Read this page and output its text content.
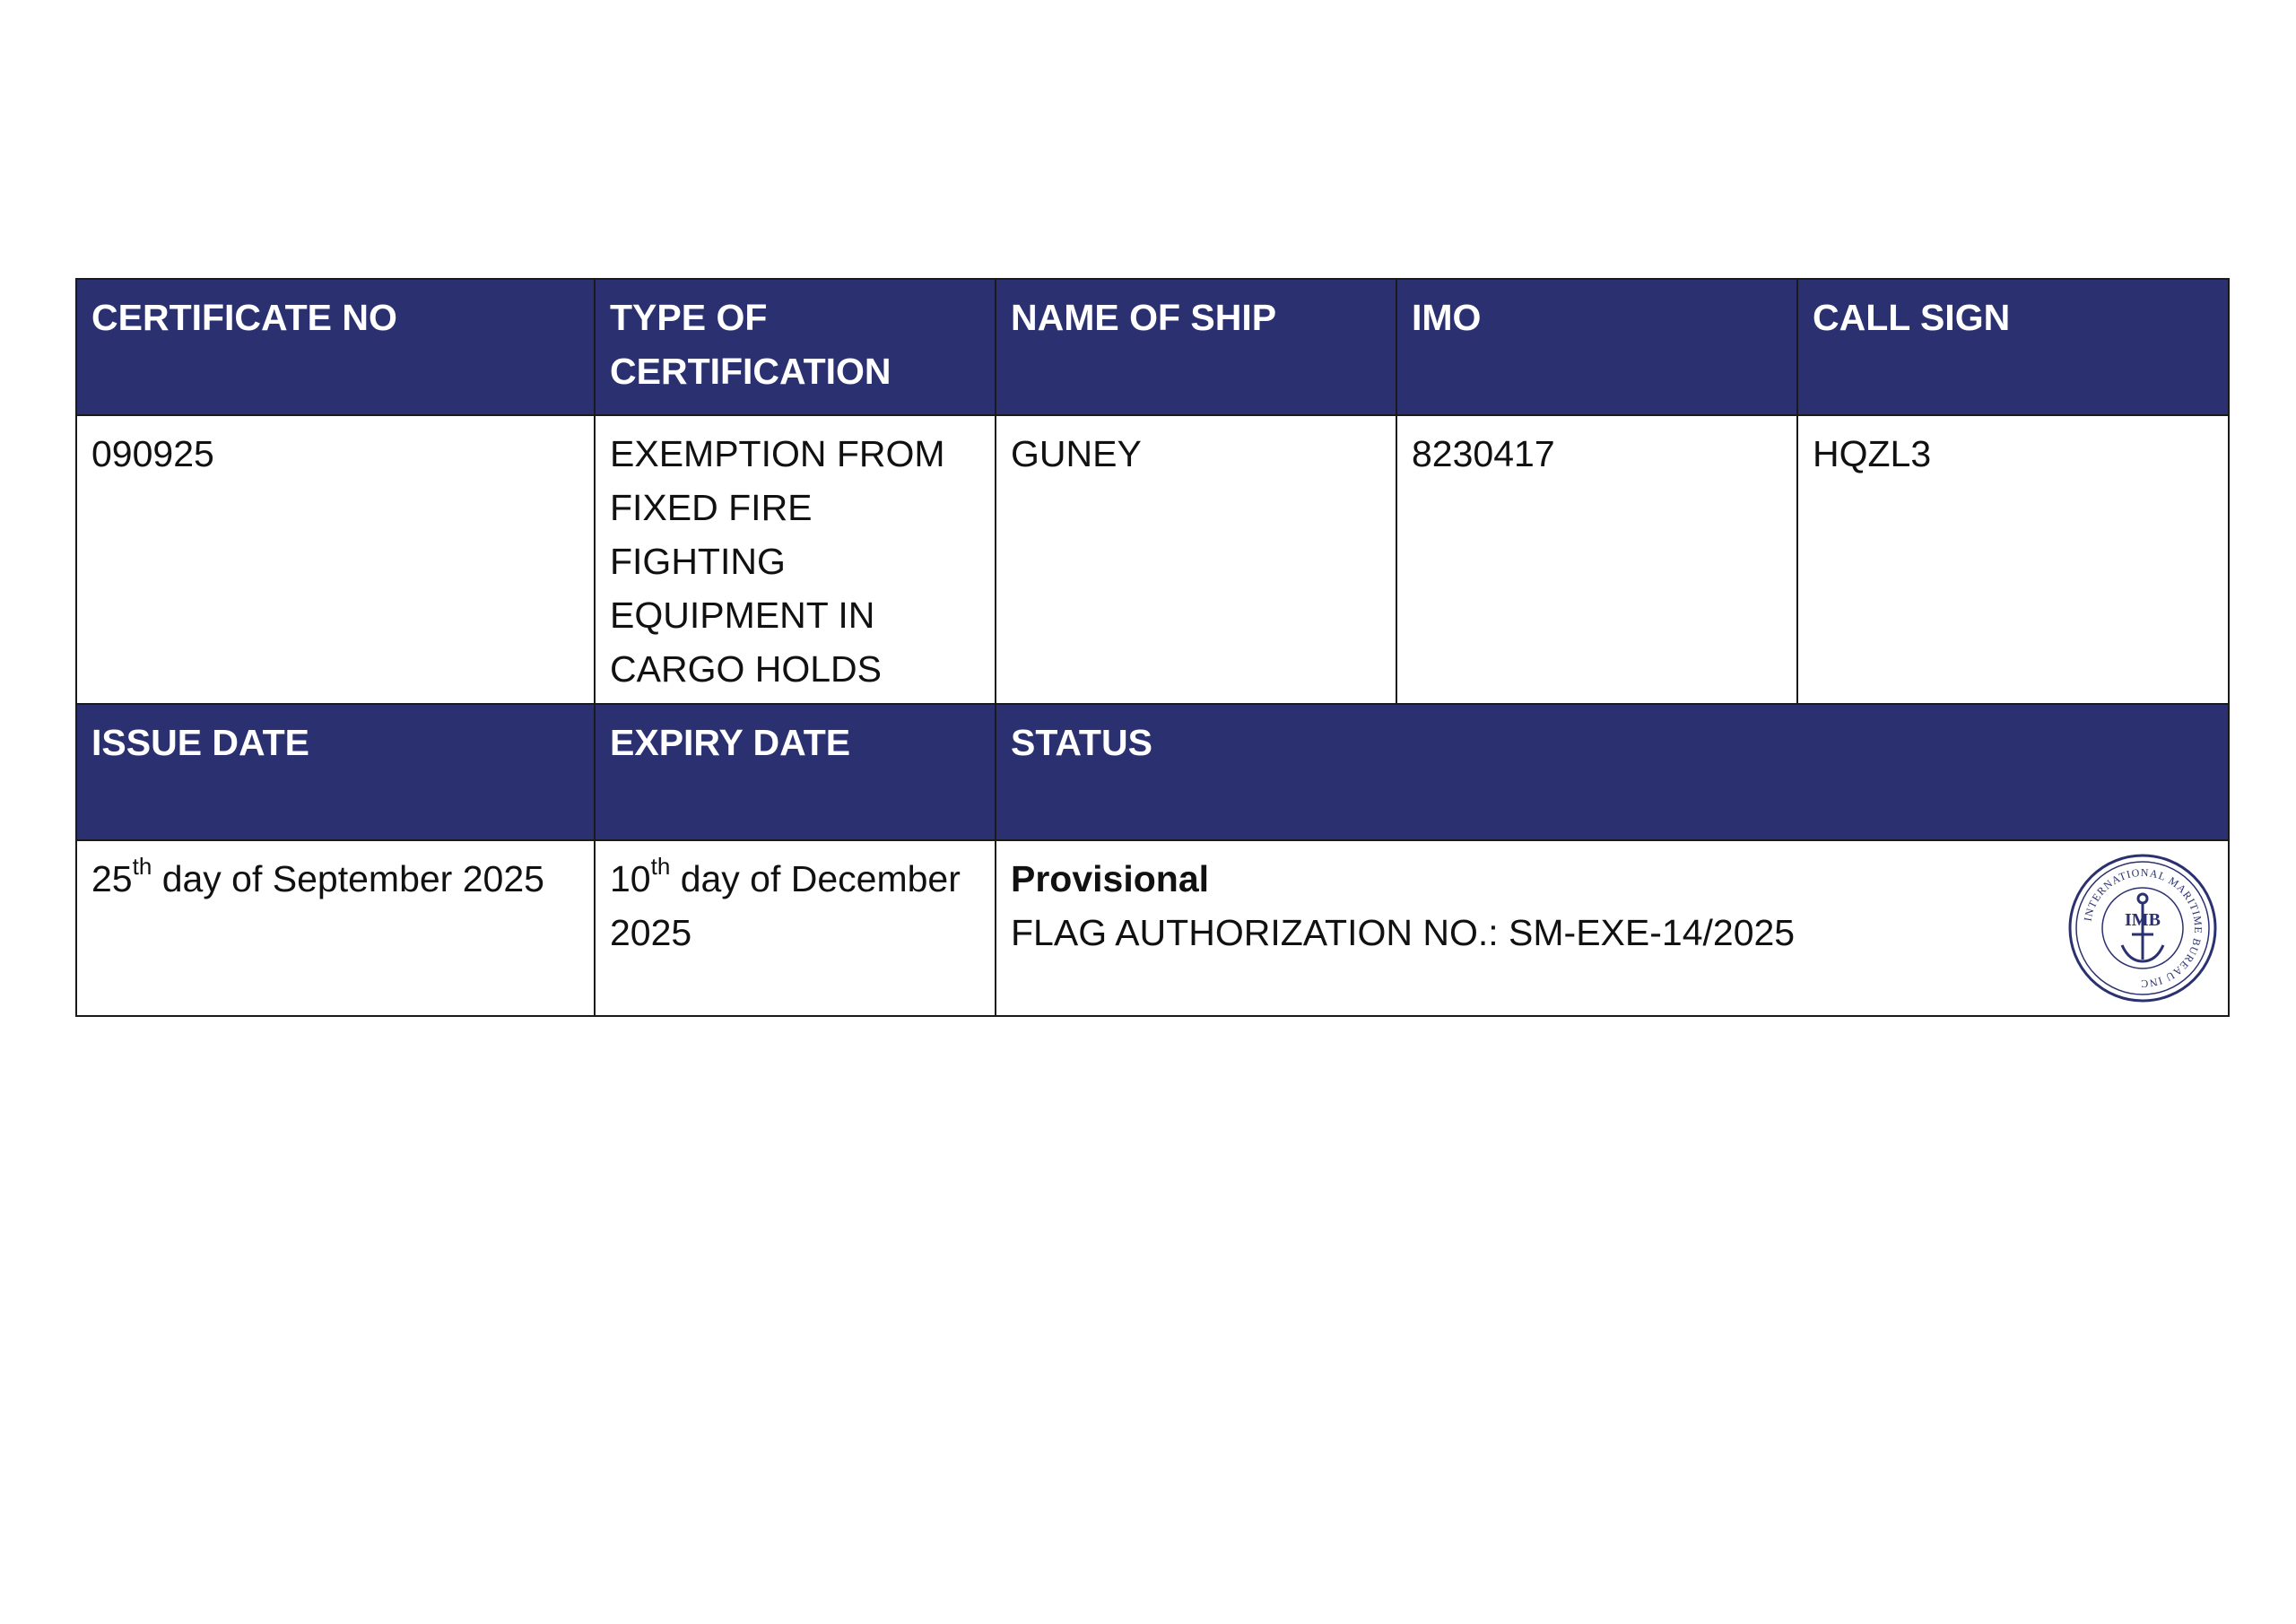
CERTIFICATE NO	TYPE OF CERTIFICATION	NAME OF SHIP	IMO	CALL SIGN
090925	EXEMPTION FROM FIXED FIRE FIGHTING EQUIPMENT IN CARGO HOLDS	GUNEY	8230417	HQZL3
ISSUE DATE	EXPIRY DATE	STATUS		
25th day of September 2025	10th day of December 2025	Provisional
FLAG AUTHORIZATION NO.: SM-EXE-14/2025 INTERNATIONAL MARITIME BUREAU INC
IMB		
